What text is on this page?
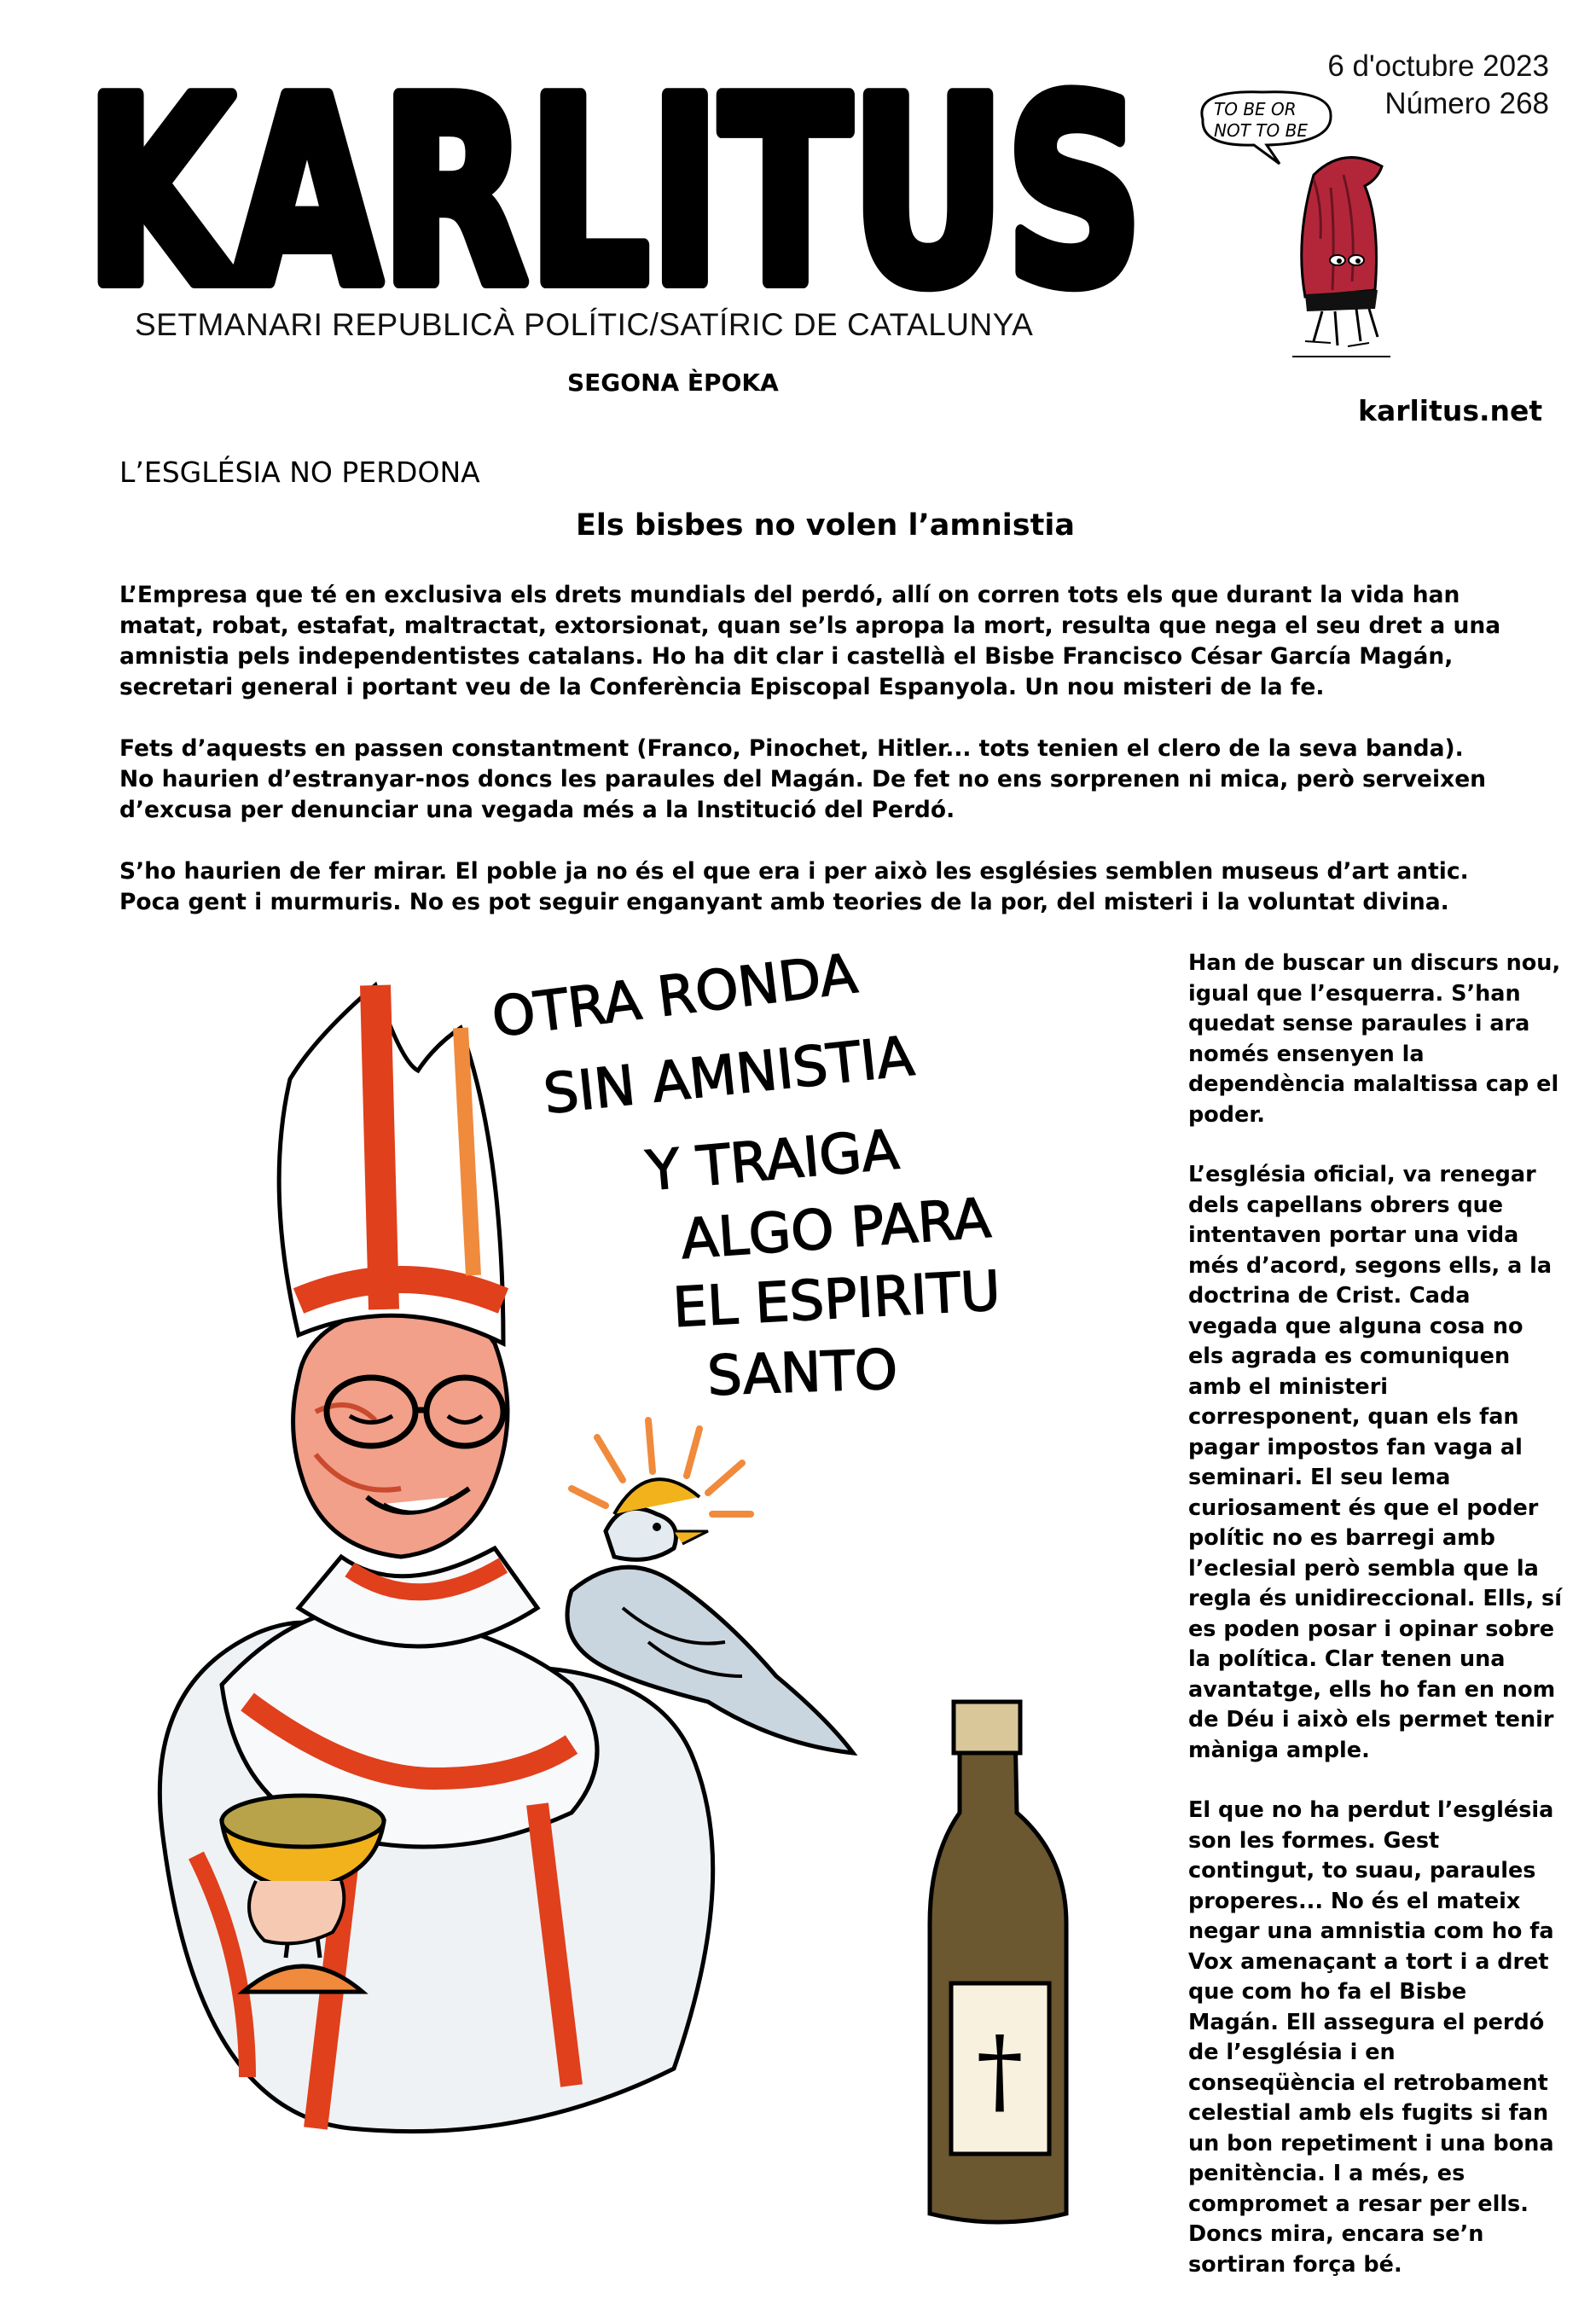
KARLITUS
SETMANARI REPUBLICÀ POLÍTIC/SATÍRIC DE CATALUNYA
SEGONA ÈPOKA
6 d'octubre 2023
Número 268
TO BE OR
NOT TO BE
karlitus.net
L’ESGLÉSIA NO PERDONA
Els bisbes no volen l’amnistia

L’Empresa que té en exclusiva els drets mundials del perdó, allí on corren tots els que durant la vida han matat, robat, estafat, maltractat, extorsionat, quan se’ls apropa la mort, resulta que nega el seu dret a una amnistia pels independentistes catalans. Ho ha dit clar i castellà el Bisbe Francisco César García Magán, secretari general i portant veu de la Conferència Episcopal Espanyola. Un nou misteri de la fe.

Fets d’aquests en passen constantment (Franco, Pinochet, Hitler... tots tenien el clero de la seva banda). No haurien d’estranyar-nos doncs les paraules del Magán. De fet no ens sorprenen ni mica, però serveixen d’excusa per denunciar una vegada més a la Institució del Perdó.

S’ho haurien de fer mirar. El poble ja no és el que era i per això les esglésies semblen museus d’art antic. Poca gent i murmuris. No es pot seguir enganyant amb teories de la por, del misteri i la voluntat divina.

OTRA RONDA
SIN AMNISTIA
Y TRAIGA
ALGO PARA
EL ESPIRITU
SANTO
†

Han de buscar un discurs nou, igual que l’esquerra. S’han quedat sense paraules i ara només ensenyen la dependència malaltissa cap el poder.

L’església oficial, va renegar dels capellans obrers que intentaven portar una vida més d’acord, segons ells, a la doctrina de Crist. Cada vegada que alguna cosa no els agrada es comuniquen amb el ministeri corresponent, quan els fan pagar impostos fan vaga al seminari. El seu lema curiosament és que el poder polític no es barregi amb l’eclesial però sembla que la regla és unidireccional. Ells, sí es poden posar i opinar sobre la política. Clar tenen una avantatge, ells ho fan en nom de Déu i això els permet tenir màniga ample.

El que no ha perdut l’església son les formes. Gest contingut, to suau, paraules properes... No és el mateix negar una amnistia com ho fa Vox amenaçant a tort i a dret que com ho fa el Bisbe Magán. Ell assegura el perdó de l’església i en conseqüència el retrobament celestial amb els fugits si fan un bon repetiment i una bona penitència. I a més, es compromet a resar per ells. Doncs mira, encara se’n sortiran força bé.
